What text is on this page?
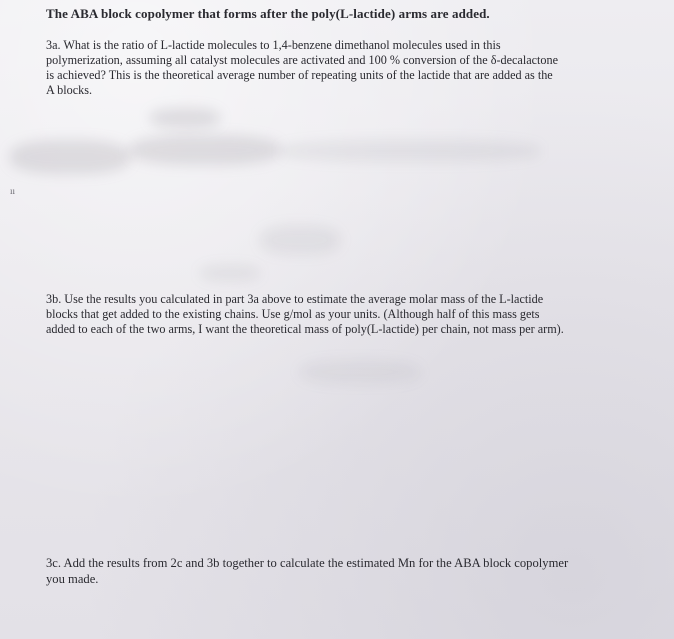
ıı
The ABA block copolymer that forms after the poly(L-lactide) arms are added.

3a. What is the ratio of L-lactide molecules to 1,4-benzene dimethanol molecules used in this
polymerization, assuming all catalyst molecules are activated and 100 % conversion of the δ-decalactone
is achieved? This is the theoretical average number of repeating units of the lactide that are added as the
A blocks.

3b. Use the results you calculated in part 3a above to estimate the average molar mass of the L-lactide
blocks that get added to the existing chains. Use g/mol as your units. (Although half of this mass gets
added to each of the two arms, I want the theoretical mass of poly(L-lactide) per chain, not mass per arm).

3c. Add the results from 2c and 3b together to calculate the estimated Mn for the ABA block copolymer
you made.
